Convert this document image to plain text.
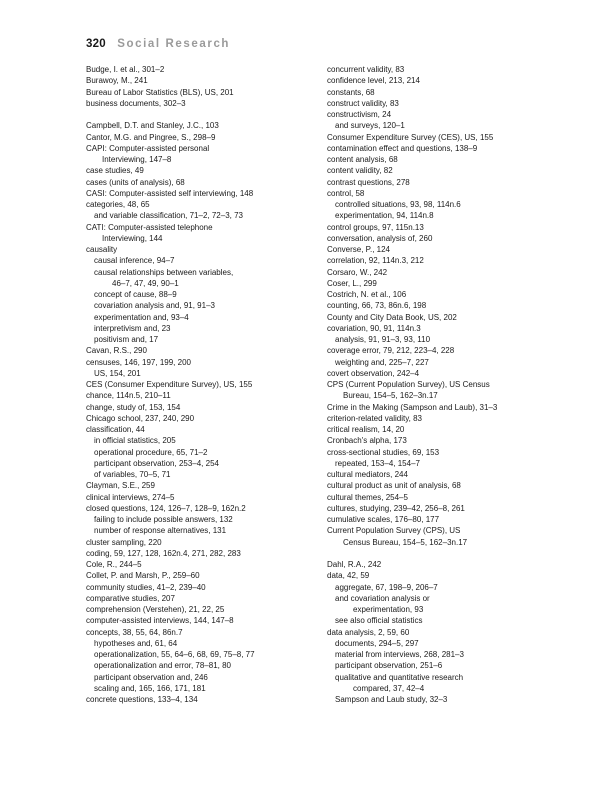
320 Social Research
Budge, I. et al., 301–2
Burawoy, M., 241
Bureau of Labor Statistics (BLS), US, 201
business documents, 302–3
Campbell, D.T. and Stanley, J.C., 103
Cantor, M.G. and Pingree, S., 298–9
CAPI: Computer-assisted personal
Interviewing, 147–8
case studies, 49
cases (units of analysis), 68
CASI: Computer-assisted self interviewing, 148
categories, 48, 65
and variable classification, 71–2, 72–3, 73
CATI: Computer-assisted telephone
Interviewing, 144
causality
causal inference, 94–7
causal relationships between variables,
46–7, 47, 49, 90–1
concept of cause, 88–9
covariation analysis and, 91, 91–3
experimentation and, 93–4
interpretivism and, 23
positivism and, 17
Cavan, R.S., 290
censuses, 146, 197, 199, 200
US, 154, 201
CES (Consumer Expenditure Survey), US, 155
chance, 114n.5, 210–11
change, study of, 153, 154
Chicago school, 237, 240, 290
classification, 44
in official statistics, 205
operational procedure, 65, 71–2
participant observation, 253–4, 254
of variables, 70–5, 71
Clayman, S.E., 259
clinical interviews, 274–5
closed questions, 124, 126–7, 128–9, 162n.2
failing to include possible answers, 132
number of response alternatives, 131
cluster sampling, 220
coding, 59, 127, 128, 162n.4, 271, 282, 283
Cole, R., 244–5
Collet, P. and Marsh, P., 259–60
community studies, 41–2, 239–40
comparative studies, 207
comprehension (Verstehen), 21, 22, 25
computer-assisted interviews, 144, 147–8
concepts, 38, 55, 64, 86n.7
hypotheses and, 61, 64
operationalization, 55, 64–6, 68, 69, 75–8, 77
operationalization and error, 78–81, 80
participant observation and, 246
scaling and, 165, 166, 171, 181
concrete questions, 133–4, 134
concurrent validity, 83
confidence level, 213, 214
constants, 68
construct validity, 83
constructivism, 24
and surveys, 120–1
Consumer Expenditure Survey (CES), US, 155
contamination effect and questions, 138–9
content analysis, 68
content validity, 82
contrast questions, 278
control, 58
controlled situations, 93, 98, 114n.6
experimentation, 94, 114n.8
control groups, 97, 115n.13
conversation, analysis of, 260
Converse, P., 124
correlation, 92, 114n.3, 212
Corsaro, W., 242
Coser, L., 299
Costrich, N. et al., 106
counting, 66, 73, 86n.6, 198
County and City Data Book, US, 202
covariation, 90, 91, 114n.3
analysis, 91, 91–3, 93, 110
coverage error, 79, 212, 223–4, 228
weighting and, 225–7, 227
covert observation, 242–4
CPS (Current Population Survey), US Census
Bureau, 154–5, 162–3n.17
Crime in the Making (Sampson and Laub), 31–3
criterion-related validity, 83
critical realism, 14, 20
Cronbach's alpha, 173
cross-sectional studies, 69, 153
repeated, 153–4, 154–7
cultural mediators, 244
cultural product as unit of analysis, 68
cultural themes, 254–5
cultures, studying, 239–42, 256–8, 261
cumulative scales, 176–80, 177
Current Population Survey (CPS), US
Census Bureau, 154–5, 162–3n.17
Dahl, R.A., 242
data, 42, 59
aggregate, 67, 198–9, 206–7
and covariation analysis or
experimentation, 93
see also official statistics
data analysis, 2, 59, 60
documents, 294–5, 297
material from interviews, 268, 281–3
participant observation, 251–6
qualitative and quantitative research
compared, 37, 42–4
Sampson and Laub study, 32–3
